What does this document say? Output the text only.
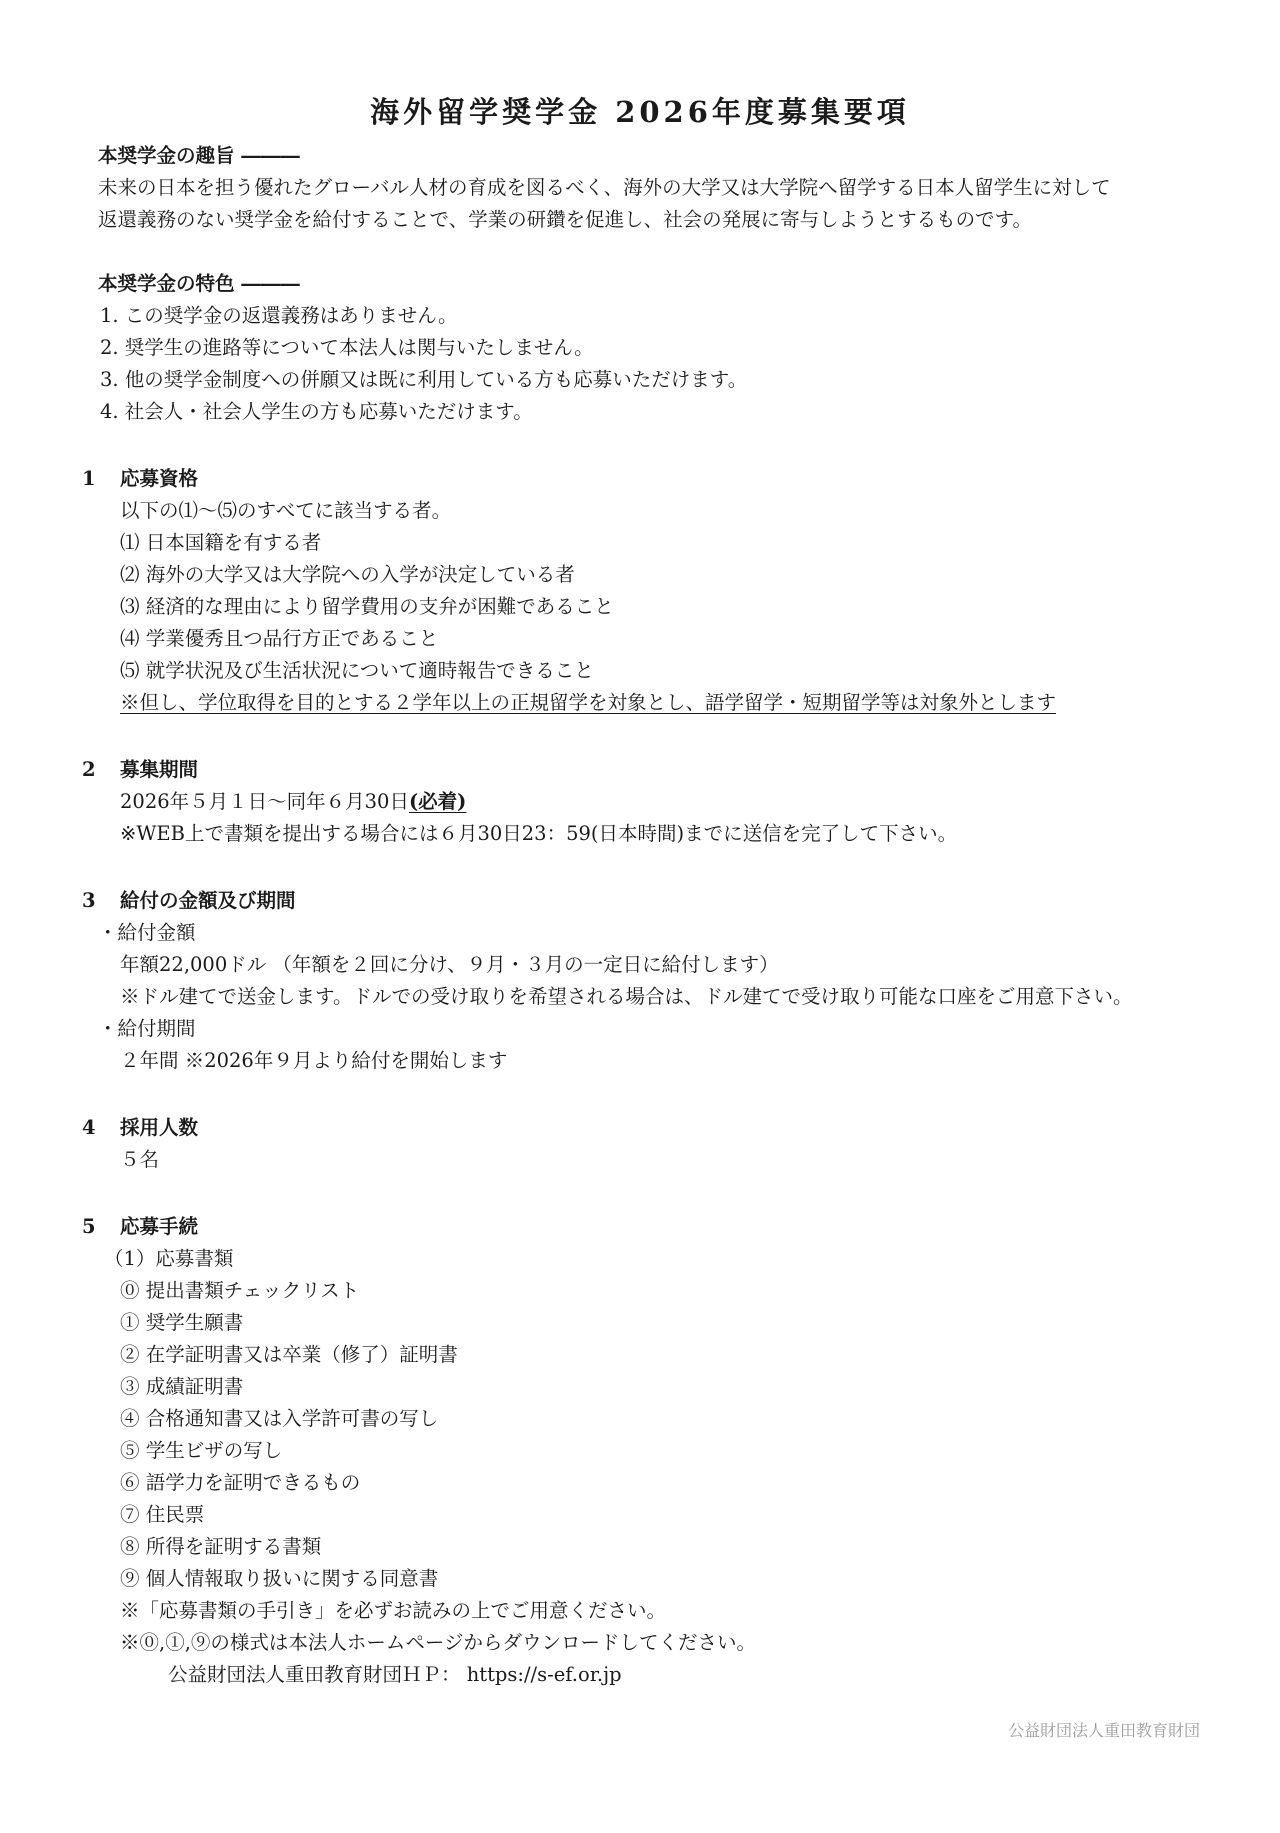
海外留学奨学金 2026年度募集要項
本奨学金の趣旨 ―――
未来の日本を担う優れたグローバル人材の育成を図るべく、海外の大学又は大学院へ留学する日本人留学生に対して
返還義務のない奨学金を給付することで、学業の研鑽を促進し、社会の発展に寄与しようとするものです。
本奨学金の特色 ―――
1. この奨学金の返還義務はありません。
2. 奨学生の進路等について本法人は関与いたしません。
3. 他の奨学金制度への併願又は既に利用している方も応募いただけます。
4. 社会人・社会人学生の方も応募いただけます。
1 応募資格
以下の⑴～⑸のすべてに該当する者。
⑴ 日本国籍を有する者
⑵ 海外の大学又は大学院への入学が決定している者
⑶ 経済的な理由により留学費用の支弁が困難であること
⑷ 学業優秀且つ品行方正であること
⑸ 就学状況及び生活状況について適時報告できること
※但し、学位取得を目的とする２学年以上の正規留学を対象とし、語学留学・短期留学等は対象外とします
2 募集期間
2026年５月１日～同年６月30日(必着)
※WEB上で書類を提出する場合には６月30日23：59(日本時間)までに送信を完了して下さい。
3 給付の金額及び期間
・給付金額
年額22,000ドル （年額を２回に分け、９月・３月の一定日に給付します）
※ドル建てで送金します。ドルでの受け取りを希望される場合は、ドル建てで受け取り可能な口座をご用意下さい。
・給付期間
２年間 ※2026年９月より給付を開始します
4 採用人数
５名
5 応募手続
（1）応募書類
⓪ 提出書類チェックリスト
① 奨学生願書
② 在学証明書又は卒業（修了）証明書
③ 成績証明書
④ 合格通知書又は入学許可書の写し
⑤ 学生ビザの写し
⑥ 語学力を証明できるもの
⑦ 住民票
⑧ 所得を証明する書類
⑨ 個人情報取り扱いに関する同意書
※「応募書類の手引き」を必ずお読みの上でご用意ください。
※⓪,①,⑨の様式は本法人ホームページからダウンロードしてください。
公益財団法人重田教育財団ＨＰ： https://s-ef.or.jp
公益財団法人重田教育財団
